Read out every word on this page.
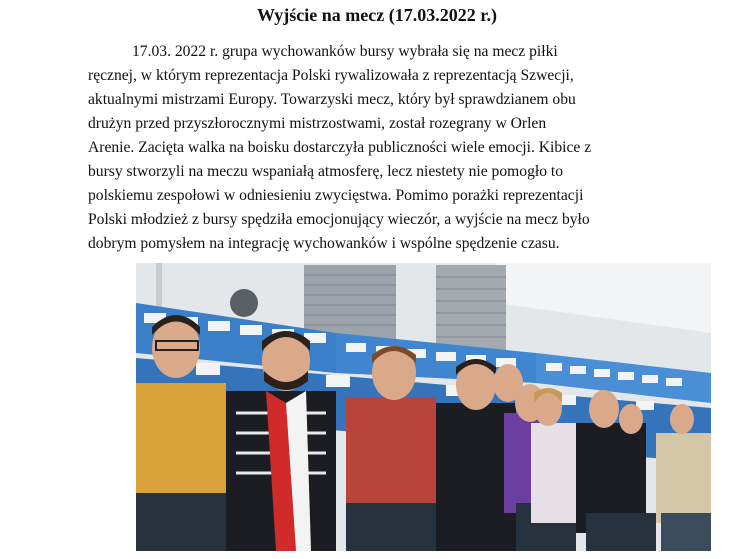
Wyjście na mecz (17.03.2022 r.)
17.03. 2022 r. grupa wychowanków bursy wybrała się na mecz piłki
ręcznej, w którym reprezentacja Polski rywalizowała z reprezentacją Szwecji,
aktualnymi mistrzami Europy. Towarzyski mecz, który był sprawdzianem obu
drużyn przed przyszłorocznymi mistrzostwami, został rozegrany w Orlen
Arenie. Zacięta walka na boisku dostarczyła publiczności wiele emocji. Kibice z
bursy stworzyli na meczu wspaniałą atmosferę, lecz niestety nie pomogło to
polskiemu zespołowi w odniesieniu zwycięstwa. Pomimo porażki reprezentacji
Polski młodzież z bursy spędziła emocjonujący wieczór, a wyjście na mecz było
dobrym pomysłem na integrację wychowanków i wspólne spędzenie czasu.
